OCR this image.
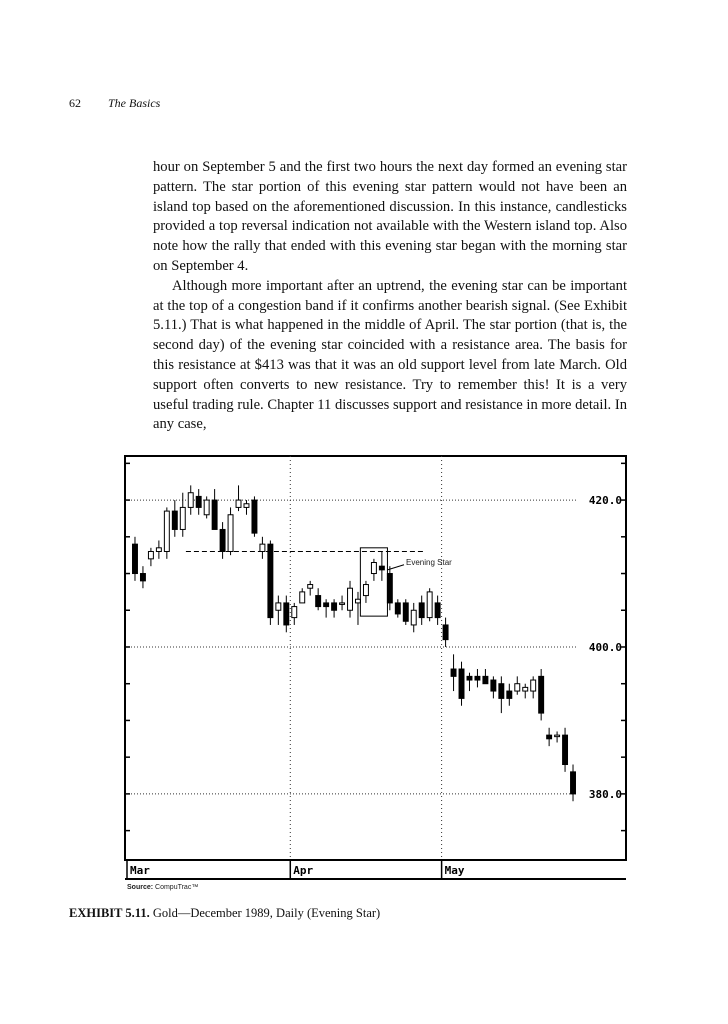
62 The Basics

hour on September 5 and the first two hours the next day formed an evening star pattern. The star portion of this evening star pattern would not have been an island top based on the aforementioned discussion. In this instance, candlesticks provided a top reversal indication not available with the Western island top. Also note how the rally that ended with this evening star began with the morning star on September 4.

Although more important after an uptrend, the evening star can be important at the top of a congestion band if it confirms another bearish signal. (See Exhibit 5.11.) That is what happened in the middle of April. The star portion (that is, the second day) of the evening star coincided with a resistance area. The basis for this resistance at $413 was that it was an old support level from late March. Old support often converts to new resistance. Try to remember this! It is a very useful trading rule. Chapter 11 discusses support and resistance in more detail. In any case,

420.0
400.0
380.0
Mar	Apr	May
Evening Star
Source: CompuTrac™
EXHIBIT 5.11. Gold—December 1989, Daily (Evening Star)
